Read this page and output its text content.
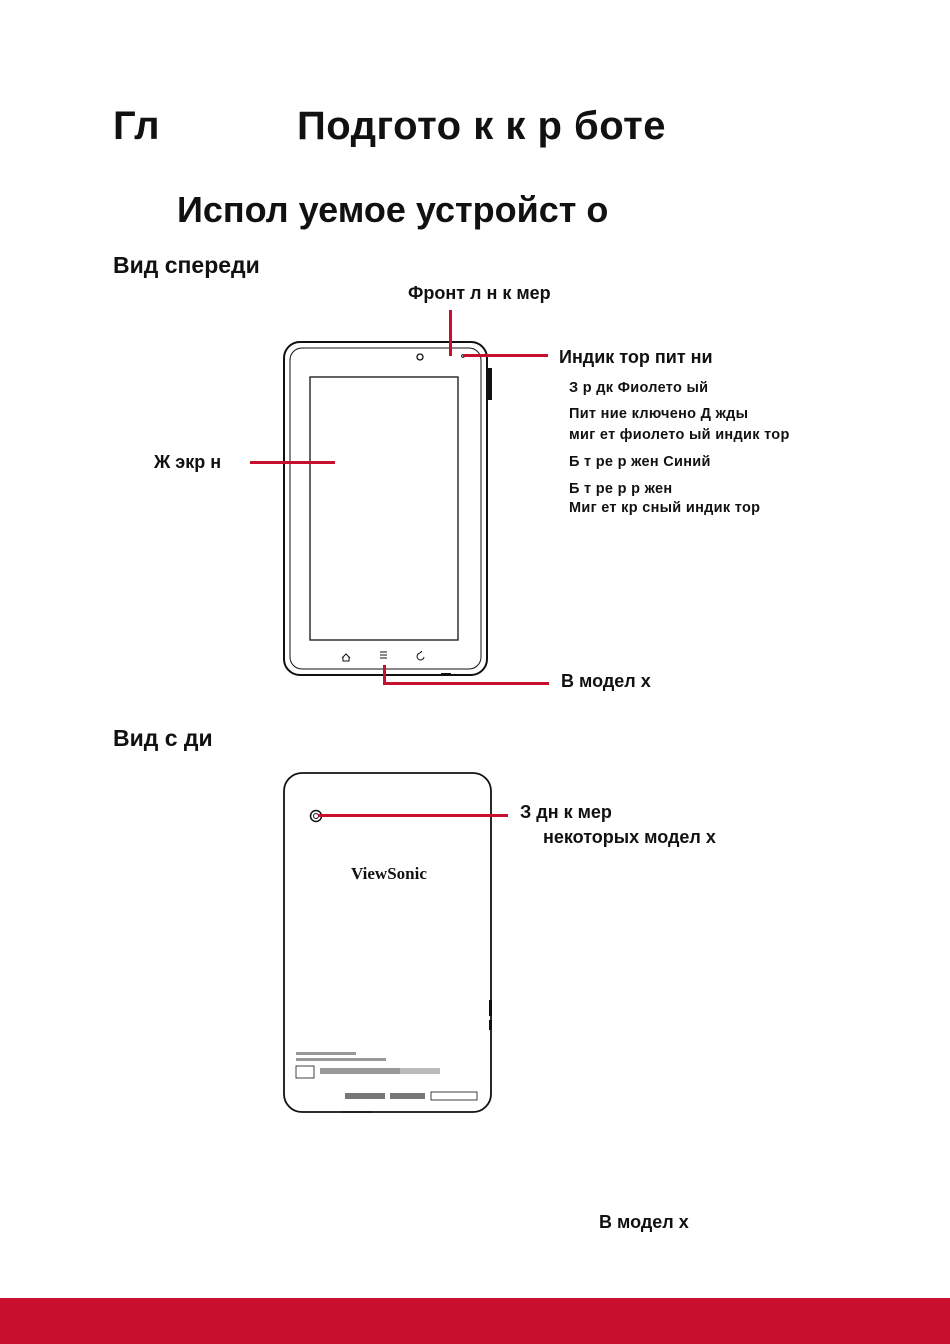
Гл	Подгото к к р боте
Испол уемое устройст о
Вид спереди
Фронт л н к мер
Индик тор пит ни
З р дк Фиолето ый
Пит ние ключено Д жды
миг ет фиолето ый индик тор
Б т ре р жен Синий
Б т ре р р жен
Миг ет кр сный индик тор
Ж экр н
В модел х
Вид с ди
З дн к мер
некоторых модел х
ViewSonic
В модел х
